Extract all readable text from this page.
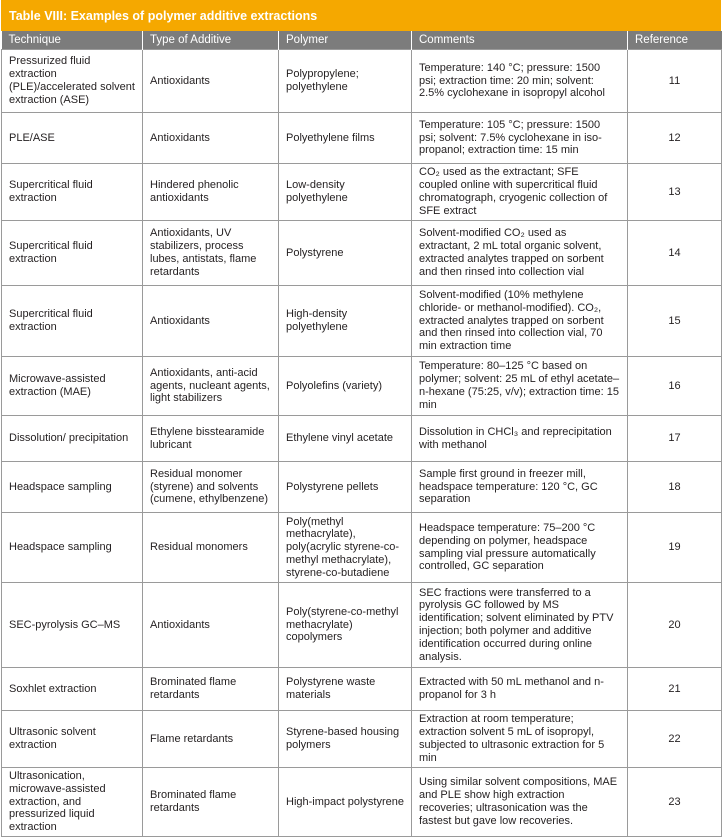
Table VIII: Examples of polymer additive extractions
Technique	Type of Additive	Polymer	Comments	Reference
Pressurized fluid extraction (PLE)/accelerated solvent extraction (ASE)	Antioxidants	Polypropylene; polyethylene	Temperature: 140 °C; pressure: 1500 psi; extraction time: 20 min; solvent: 2.5% cyclohexane in isopropyl alcohol	11
PLE/ASE	Antioxidants	Polyethylene films	Temperature: 105 °C; pressure: 1500 psi; solvent: 7.5% cyclohexane in iso-propanol; extraction time: 15 min	12
Supercritical fluid extraction	Hindered phenolic antioxidants	Low-density polyethylene	CO₂ used as the extractant; SFE coupled online with supercritical fluid chromatograph, cryogenic collection of SFE extract	13
Supercritical fluid extraction	Antioxidants, UV stabilizers, process lubes, antistats, flame retardants	Polystyrene	Solvent-modified CO₂ used as extractant, 2 mL total organic solvent, extracted analytes trapped on sorbent and then rinsed into collection vial	14
Supercritical fluid extraction	Antioxidants	High-density polyethylene	Solvent-modified (10% methylene chloride- or methanol-modified). CO₂, extracted analytes trapped on sorbent and then rinsed into collection vial, 70 min extraction time	15
Microwave-assisted extraction (MAE)	Antioxidants, anti-acid agents, nucleant agents, light stabilizers	Polyolefins (variety)	Temperature: 80–125 °C based on polymer; solvent: 25 mL of ethyl acetate–n-hexane (75:25, v/v); extraction time: 15 min	16
Dissolution/ precipitation	Ethylene bisstearamide lubricant	Ethylene vinyl acetate	Dissolution in CHCl₃ and reprecipitation with methanol	17
Headspace sampling	Residual monomer (styrene) and solvents (cumene, ethylbenzene)	Polystyrene pellets	Sample first ground in freezer mill, headspace temperature: 120 °C, GC separation	18
Headspace sampling	Residual monomers	Poly(methyl methacrylate), poly(acrylic styrene-co-methyl methacrylate), styrene-co-butadiene	Headspace temperature: 75–200 °C depending on polymer, headspace sampling vial pressure automatically controlled, GC separation	19
SEC-pyrolysis GC–MS	Antioxidants	Poly(styrene-co-methyl methacrylate) copolymers	SEC fractions were transferred to a pyrolysis GC followed by MS identification; solvent eliminated by PTV injection; both polymer and additive identification occurred during online analysis.	20
Soxhlet extraction	Brominated flame retardants	Polystyrene waste materials	Extracted with 50 mL methanol and n-propanol for 3 h	21
Ultrasonic solvent extraction	Flame retardants	Styrene-based housing polymers	Extraction at room temperature; extraction solvent 5 mL of isopropyl, subjected to ultrasonic extraction for 5 min	22
Ultrasonication, microwave-assisted extraction, and pressurized liquid extraction	Brominated flame retardants	High-impact polystyrene	Using similar solvent compositions, MAE and PLE show high extraction recoveries; ultrasonication was the fastest but gave low recoveries.	23
